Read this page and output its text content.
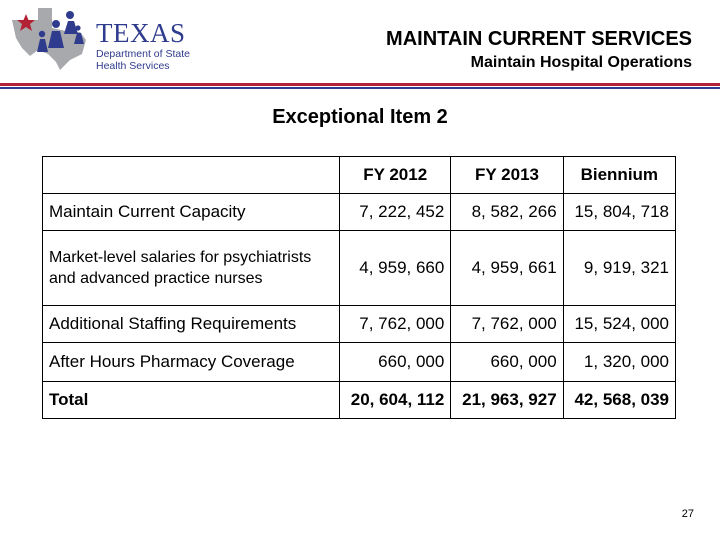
TEXAS
Department of State Health Services
MAINTAIN CURRENT SERVICES
Maintain Hospital Operations
Exceptional Item 2
	FY 2012	FY 2013	Biennium
Maintain Current Capacity	7, 222, 452	8, 582, 266	15, 804, 718
Market-level salaries for psychiatrists and advanced practice nurses	4, 959, 660	4, 959, 661	9, 919, 321
Additional Staffing Requirements	7, 762, 000	7, 762, 000	15, 524, 000
After Hours Pharmacy Coverage	660, 000	660, 000	1, 320, 000
Total	20, 604, 112	21, 963, 927	42, 568, 039
27
